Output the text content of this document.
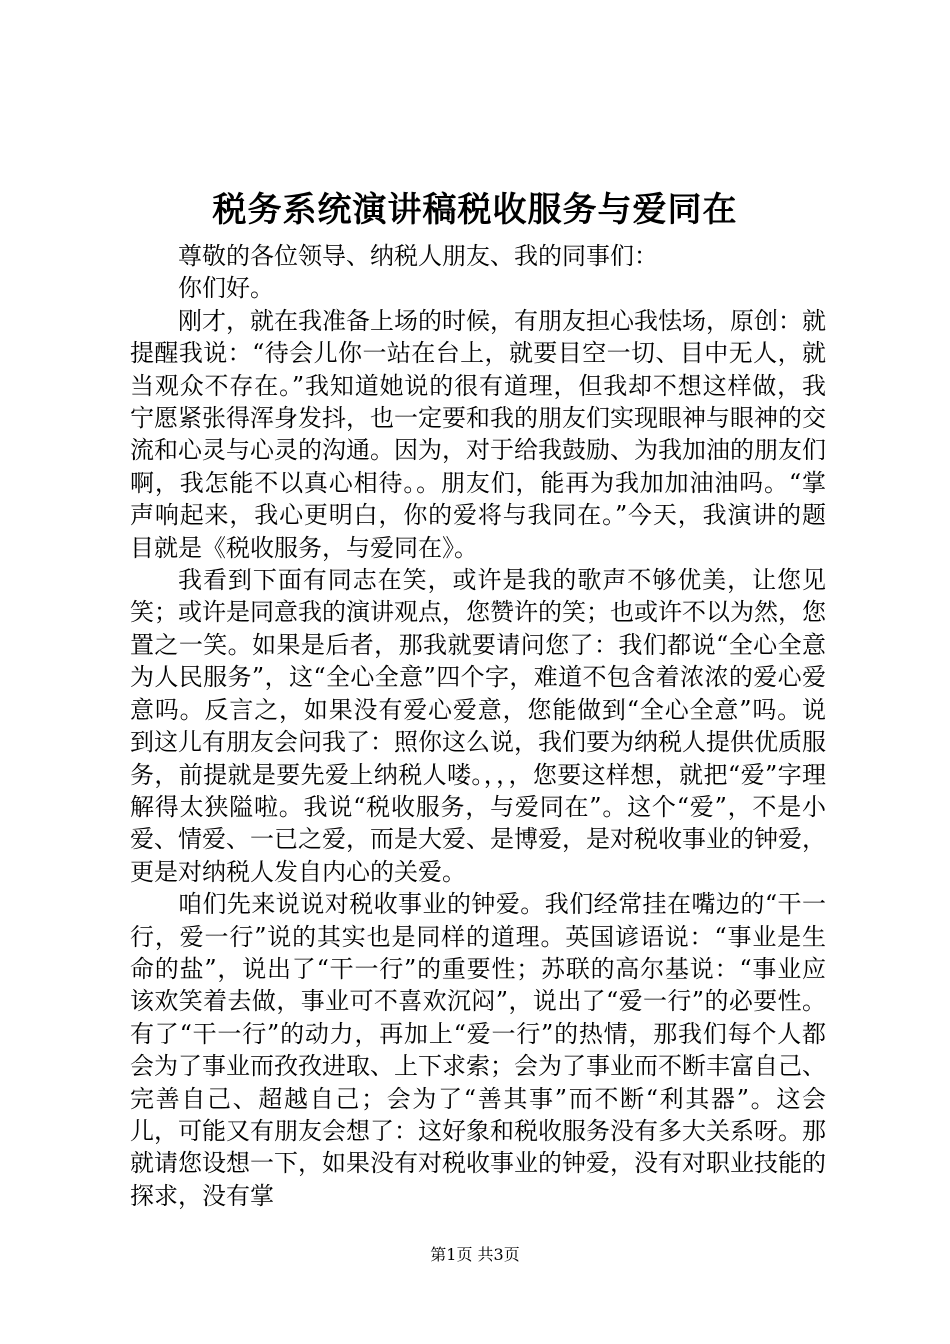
税务系统演讲稿税收服务与爱同在

尊敬的各位领导、纳税人朋友、我的同事们：

你们好。

刚才，就在我准备上场的时候，有朋友担心我怯场，原创：就提醒我说：“待会儿你一站在台上，就要目空一切、目中无人，就当观众不存在。”我知道她说的很有道理，但我却不想这样做，我宁愿紧张得浑身发抖，也一定要和我的朋友们实现眼神与眼神的交流和心灵与心灵的沟通。因为，对于给我鼓励、为我加油的朋友们啊，我怎能不以真心相待。。朋友们，能再为我加加油油吗。“掌声响起来，我心更明白，你的爱将与我同在。”今天，我演讲的题目就是《税收服务，与爱同在》。

我看到下面有同志在笑，或许是我的歌声不够优美，让您见笑；或许是同意我的演讲观点，您赞许的笑；也或许不以为然，您置之一笑。如果是后者，那我就要请问您了：我们都说“全心全意为人民服务”，这“全心全意”四个字，难道不包含着浓浓的爱心爱意吗。反言之，如果没有爱心爱意，您能做到“全心全意”吗。说到这儿有朋友会问我了：照你这么说，我们要为纳税人提供优质服务，前提就是要先爱上纳税人喽。，，，您要这样想，就把“爱”字理解得太狭隘啦。我说“税收服务，与爱同在”。这个“爱”，不是小爱、情爱、一已之爱，而是大爱、是博爱，是对税收事业的钟爱，更是对纳税人发自内心的关爱。

咱们先来说说对税收事业的钟爱。我们经常挂在嘴边的“干一行，爱一行”说的其实也是同样的道理。英国谚语说：“事业是生命的盐”，说出了“干一行”的重要性；苏联的高尔基说：“事业应该欢笑着去做，事业可不喜欢沉闷”，说出了“爱一行”的必要性。有了“干一行”的动力，再加上“爱一行”的热情，那我们每个人都会为了事业而孜孜进取、上下求索；会为了事业而不断丰富自己、完善自己、超越自己；会为了“善其事”而不断“利其器”。这会儿，可能又有朋友会想了：这好象和税收服务没有多大关系呀。那就请您设想一下，如果没有对税收事业的钟爱，没有对职业技能的探求，没有掌

第1页 共3页
